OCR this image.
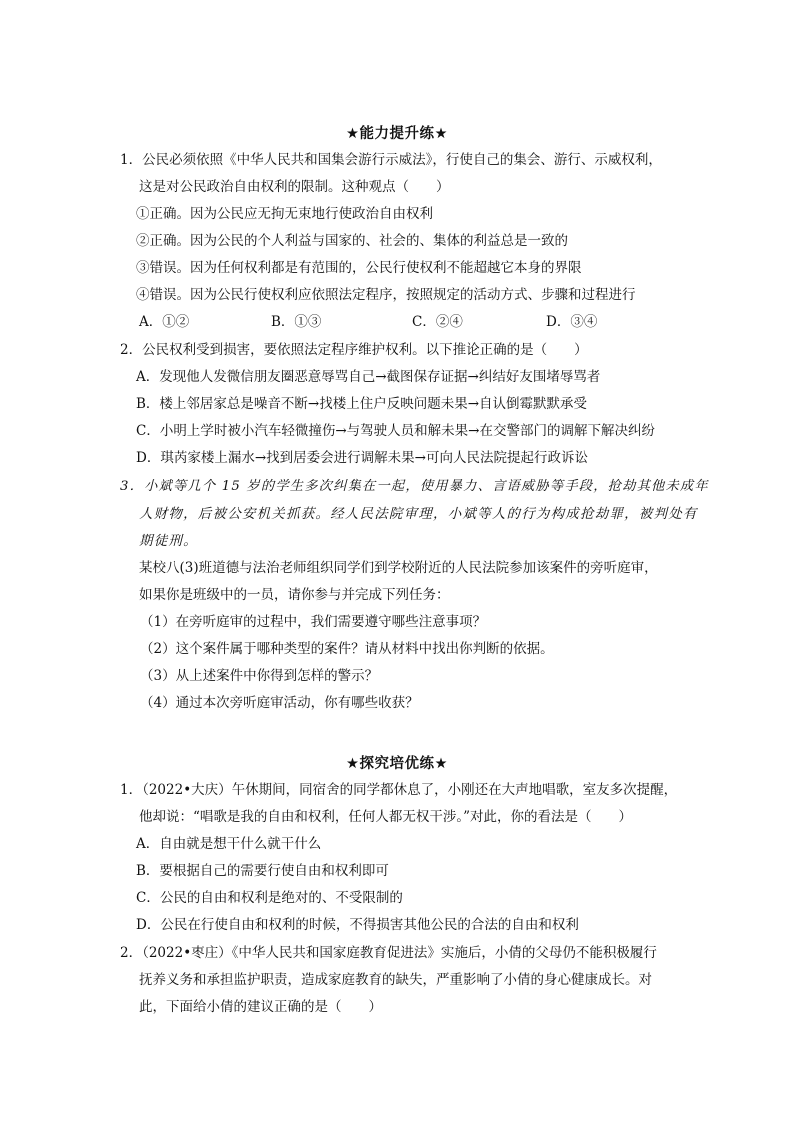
★能力提升练★
1．公民必须依照《中华人民共和国集会游行示威法》，行使自己的集会、游行、示威权利，
这是对公民政治自由权利的限制。这种观点（　　）
①正确。因为公民应无拘无束地行使政治自由权利
②正确。因为公民的个人利益与国家的、社会的、集体的利益总是一致的
③错误。因为任何权利都是有范围的，公民行使权利不能超越它本身的界限
④错误。因为公民行使权利应依照法定程序，按照规定的活动方式、步骤和过程进行
A．①②	B．①③	C．②④	D．③④
2．公民权利受到损害，要依照法定程序维护权利。以下推论正确的是（　　）
A．发现他人发微信朋友圈恶意辱骂自己→截图保存证据→纠结好友围堵辱骂者
B．楼上邻居家总是噪音不断→找楼上住户反映问题未果→自认倒霉默默承受
C．小明上学时被小汽车轻微撞伤→与驾驶人员和解未果→在交警部门的调解下解决纠纷
D．琪芮家楼上漏水→找到居委会进行调解未果→可向人民法院提起行政诉讼
3．小斌等几个 15 岁的学生多次纠集在一起，使用暴力、言语威胁等手段，抢劫其他未成年
人财物，后被公安机关抓获。经人民法院审理，小斌等人的行为构成抢劫罪，被判处有
期徒刑。
某校八(3)班道德与法治老师组织同学们到学校附近的人民法院参加该案件的旁听庭审，
如果你是班级中的一员，请你参与并完成下列任务：
（1）在旁听庭审的过程中，我们需要遵守哪些注意事项？
（2）这个案件属于哪种类型的案件？请从材料中找出你判断的依据。
（3）从上述案件中你得到怎样的警示？
（4）通过本次旁听庭审活动，你有哪些收获？
★探究培优练★
1．（2022•大庆）午休期间，同宿舍的同学都休息了，小刚还在大声地唱歌，室友多次提醒，
他却说：“唱歌是我的自由和权利，任何人都无权干涉。”对此，你的看法是（　　）
A．自由就是想干什么就干什么
B．要根据自己的需要行使自由和权利即可
C．公民的自由和权利是绝对的、不受限制的
D．公民在行使自由和权利的时候，不得损害其他公民的合法的自由和权利
2．（2022•枣庄）《中华人民共和国家庭教育促进法》实施后，小倩的父母仍不能积极履行
抚养义务和承担监护职责，造成家庭教育的缺失，严重影响了小倩的身心健康成长。对
此，下面给小倩的建议正确的是（　　）
